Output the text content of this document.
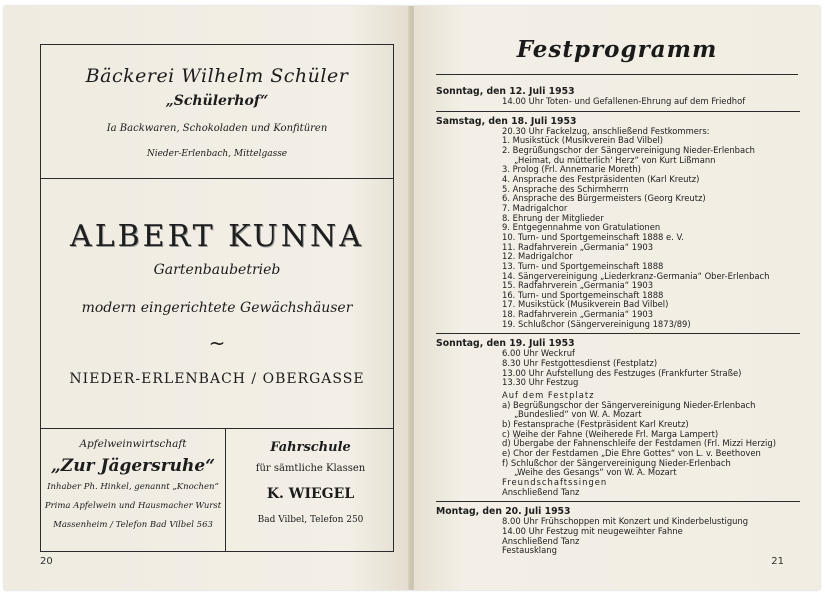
Bäckerei Wilhelm Schüler
„Schülerhof“
Ia Backwaren, Schokoladen und Konfitüren
Nieder-Erlenbach, Mittelgasse
ALBERT KUNNA
Gartenbaubetrieb
modern eingerichtete Gewächshäuser
~
NIEDER-ERLENBACH / OBERGASSE
Apfelweinwirtschaft
„Zur Jägersruhe“
Inhaber Ph. Hinkel, genannt „Knochen“
Prima Apfelwein und Hausmacher Wurst
Massenheim / Telefon Bad Vilbel 563
Fahrschule
für sämtliche Klassen
K. WIEGEL
Bad Vilbel, Telefon 250
20
Festprogramm
Sonntag, den 12. Juli 1953
14.00 Uhr Toten- und Gefallenen-Ehrung auf dem Friedhof
Samstag, den 18. Juli 1953
20.30 Uhr Fackelzug, anschließend Festkommers:
1. Musikstück (Musikverein Bad Vilbel)
2. Begrüßungschor der Sängervereinigung Nieder-Erlenbach
„Heimat, du mütterlich' Herz“ von Kurt Lißmann
3. Prolog (Frl. Annemarie Moreth)
4. Ansprache des Festpräsidenten (Karl Kreutz)
5. Ansprache des Schirmherrn
6. Ansprache des Bürgermeisters (Georg Kreutz)
7. Madrigalchor
8. Ehrung der Mitglieder
9. Entgegennahme von Gratulationen
10. Turn- und Sportgemeinschaft 1888 e. V.
11. Radfahrverein „Germania“ 1903
12. Madrigalchor
13. Turn- und Sportgemeinschaft 1888
14. Sängervereinigung „Liederkranz-Germania“ Ober-Erlenbach
15. Radfahrverein „Germania“ 1903
16. Turn- und Sportgemeinschaft 1888
17. Musikstück (Musikverein Bad Vilbel)
18. Radfahrverein „Germania“ 1903
19. Schlußchor (Sängervereinigung 1873/89)
Sonntag, den 19. Juli 1953
6.00 Uhr Weckruf
8.30 Uhr Festgottesdienst (Festplatz)
13.00 Uhr Aufstellung des Festzuges (Frankfurter Straße)
13.30 Uhr Festzug
Auf dem Festplatz
a) Begrüßungschor der Sängervereinigung Nieder-Erlenbach
„Bundeslied“ von W. A. Mozart
b) Festansprache (Festpräsident Karl Kreutz)
c) Weihe der Fahne (Weiherede Frl. Marga Lampert)
d) Übergabe der Fahnenschleife der Festdamen (Frl. Mizzi Herzig)
e) Chor der Festdamen „Die Ehre Gottes“ von L. v. Beethoven
f) Schlußchor der Sängervereinigung Nieder-Erlenbach
„Weihe des Gesangs“ von W. A. Mozart
Freundschaftssingen
Anschließend Tanz
Montag, den 20. Juli 1953
8.00 Uhr Frühschoppen mit Konzert und Kinderbelustigung
14.00 Uhr Festzug mit neugeweihter Fahne
Anschließend Tanz
Festausklang
21
